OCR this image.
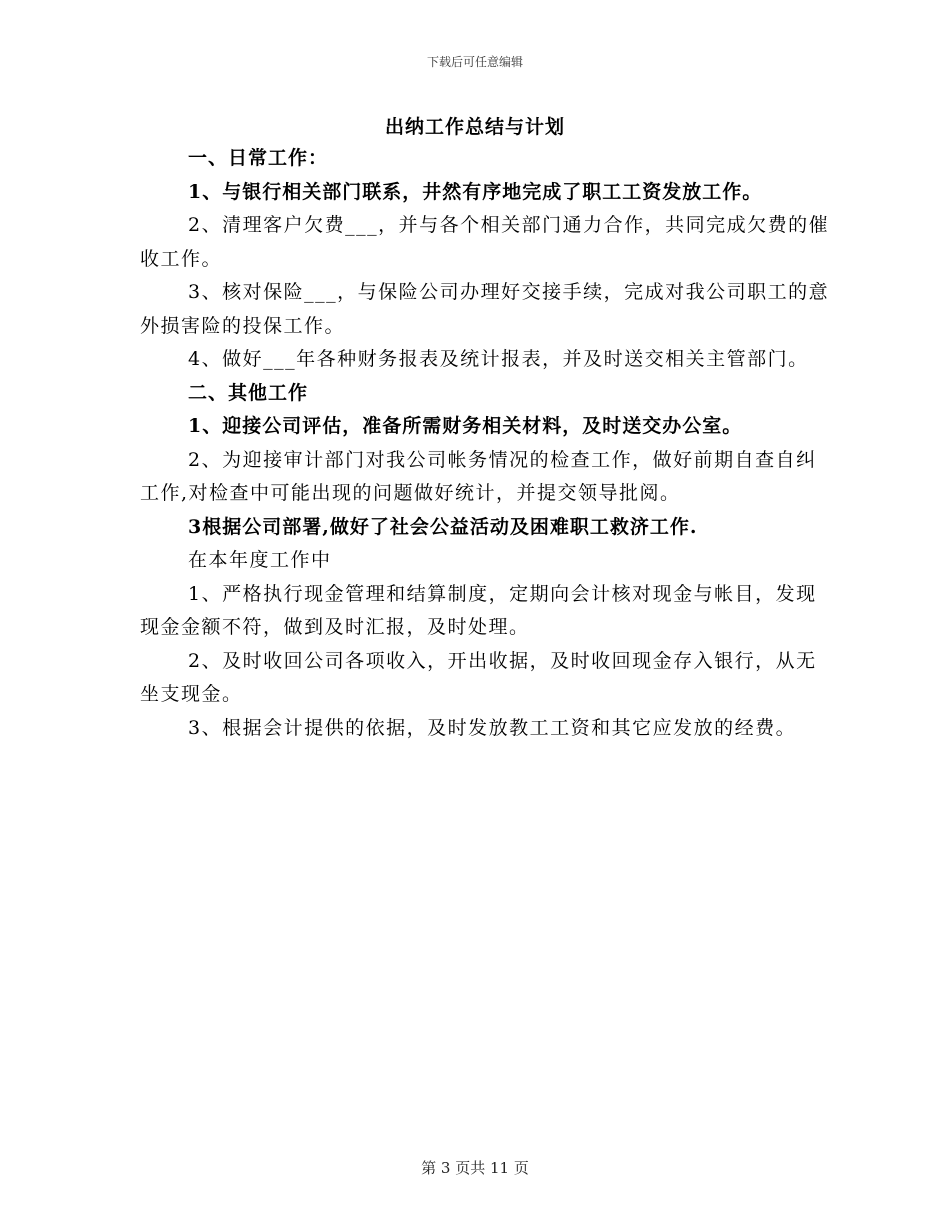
下载后可任意编辑
出纳工作总结与计划

一、日常工作：

1、与银行相关部门联系，井然有序地完成了职工工资发放工作。

2、清理客户欠费___，并与各个相关部门通力合作，共同完成欠费的催收工作。

3、核对保险___，与保险公司办理好交接手续，完成对我公司职工的意外损害险的投保工作。

4、做好___年各种财务报表及统计报表，并及时送交相关主管部门。

二、其他工作

1、迎接公司评估，准备所需财务相关材料，及时送交办公室。

2、为迎接审计部门对我公司帐务情况的检查工作，做好前期自查自纠工作,对检查中可能出现的问题做好统计，并提交领导批阅。

3根据公司部署,做好了社会公益活动及困难职工救济工作.

在本年度工作中

1、严格执行现金管理和结算制度，定期向会计核对现金与帐目，发现现金金额不符，做到及时汇报，及时处理。

2、及时收回公司各项收入，开出收据，及时收回现金存入银行，从无坐支现金。

3、根据会计提供的依据，及时发放教工工资和其它应发放的经费。

第 3 页共 11 页
